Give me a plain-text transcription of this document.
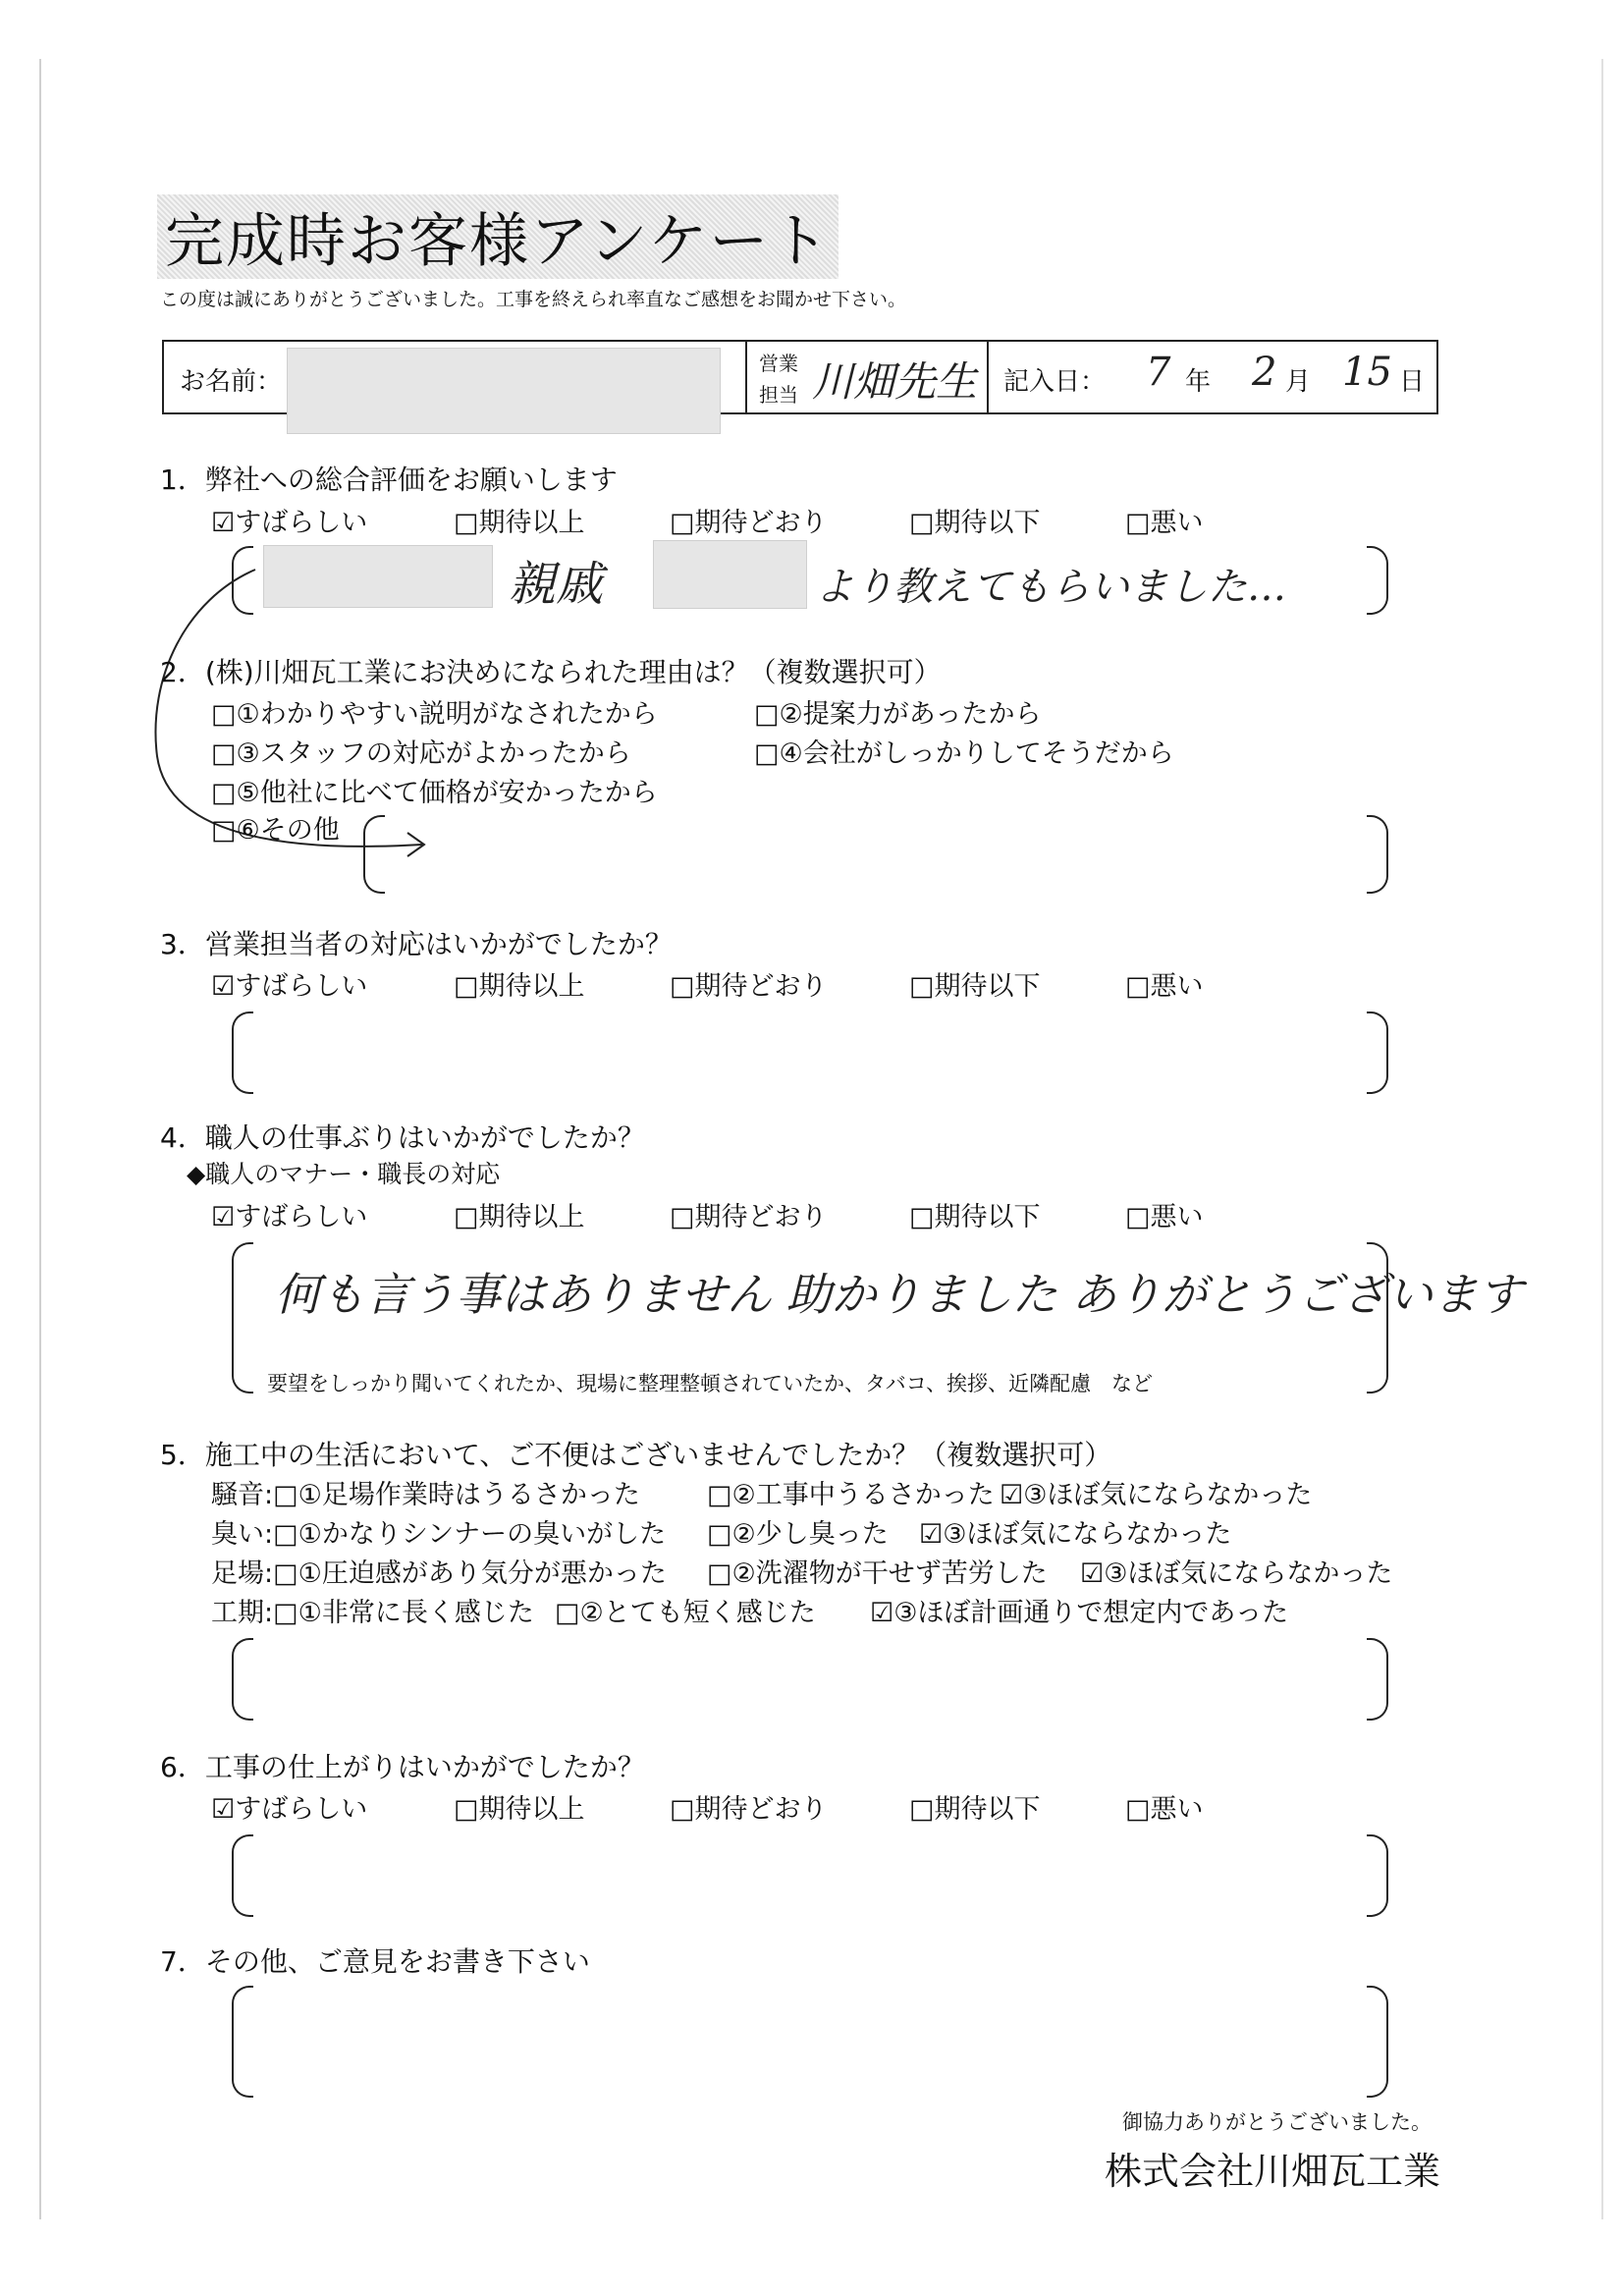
完成時お客様アンケート
この度は誠にありがとうございました。工事を終えられ率直なご感想をお聞かせ下さい。
お名前：
営業
担当 川畑先生 記入日： 7 年 2 月 15 日
1．弊社への総合評価をお願いします
☑すばらしい	□期待以上	□期待どおり	□期待以下	□悪い
親戚	より教えてもらいました…
2．(株)川畑瓦工業にお決めになられた理由は？（複数選択可）
□①わかりやすい説明がなされたから	□②提案力があったから
□③スタッフの対応がよかったから	□④会社がしっかりしてそうだから
□⑤他社に比べて価格が安かったから
□⑥その他
3．営業担当者の対応はいかがでしたか？
☑すばらしい	□期待以上	□期待どおり	□期待以下	□悪い
4．職人の仕事ぶりはいかがでしたか？
◆職人のマナー・職長の対応
☑すばらしい	□期待以上	□期待どおり	□期待以下	□悪い
何も言う事はありません 助かりました ありがとうございます
要望をしっかり聞いてくれたか、現場に整理整頓されていたか、タバコ、挨拶、近隣配慮　など
5．施工中の生活において、ご不便はございませんでしたか？（複数選択可）
騒音:□①足場作業時はうるさかった	□②工事中うるさかった ☑③ほぼ気にならなかった
臭い:□①かなりシンナーの臭いがした □②少し臭った ☑③ほぼ気にならなかった
足場:□①圧迫感があり気分が悪かった □②洗濯物が干せず苦労した ☑③ほぼ気にならなかった
工期:□①非常に長く感じた □②とても短く感じた ☑③ほぼ計画通りで想定内であった
6．工事の仕上がりはいかがでしたか？
☑すばらしい	□期待以上	□期待どおり	□期待以下	□悪い
7．その他、ご意見をお書き下さい
御協力ありがとうございました。
株式会社川畑瓦工業
